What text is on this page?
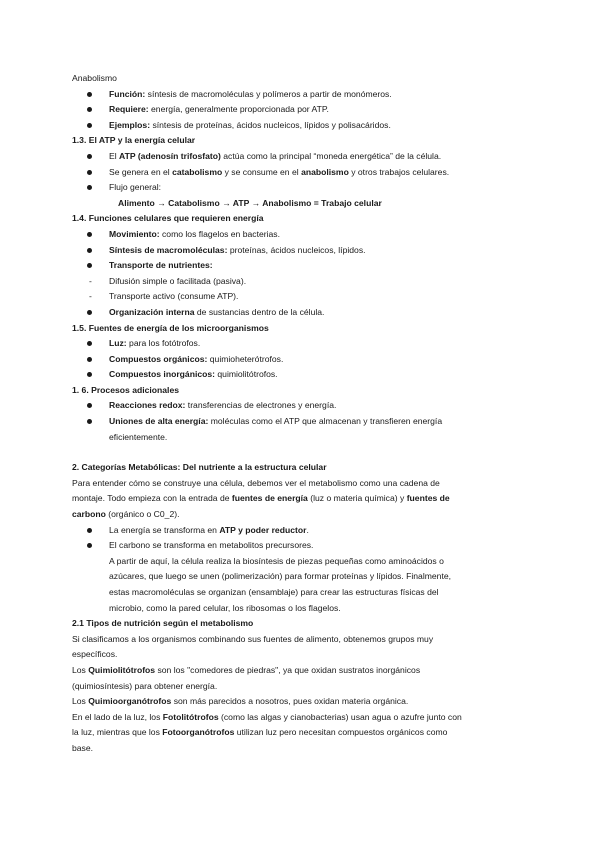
Anabolismo
Función: síntesis de macromoléculas y polímeros a partir de monómeros.
Requiere: energía, generalmente proporcionada por ATP.
Ejemplos: síntesis de proteínas, ácidos nucleicos, lípidos y polisacáridos.
1.3. El ATP y la energía celular
El ATP (adenosín trifosfato) actúa como la principal “moneda energética” de la célula.
Se genera en el catabolismo y se consume en el anabolismo y otros trabajos celulares.
Flujo general:
Alimento → Catabolismo → ATP → Anabolismo = Trabajo celular
1.4. Funciones celulares que requieren energía
Movimiento: como los flagelos en bacterias.
Síntesis de macromoléculas: proteínas, ácidos nucleicos, lípidos.
Transporte de nutrientes:
- Difusión simple o facilitada (pasiva).
- Transporte activo (consume ATP).
Organización interna de sustancias dentro de la célula.
1.5. Fuentes de energía de los microorganismos
Luz: para los fotótrofos.
Compuestos orgánicos: quimioheterótrofos.
Compuestos inorgánicos: quimiolitótrofos.
1. 6. Procesos adicionales
Reacciones redox: transferencias de electrones y energía.
Uniones de alta energía: moléculas como el ATP que almacenan y transfieren energía
eficientemente.
2. Categorías Metabólicas: Del nutriente a la estructura celular
Para entender cómo se construye una célula, debemos ver el metabolismo como una cadena de
montaje. Todo empieza con la entrada de fuentes de energía (luz o materia química) y fuentes de
carbono (orgánico o C0_2).
La energía se transforma en ATP y poder reductor.
El carbono se transforma en metabolitos precursores.
A partir de aquí, la célula realiza la biosíntesis de piezas pequeñas como aminoácidos o
azúcares, que luego se unen (polimerización) para formar proteínas y lípidos. Finalmente,
estas macromoléculas se organizan (ensamblaje) para crear las estructuras físicas del
microbio, como la pared celular, los ribosomas o los flagelos.
2.1 Tipos de nutrición según el metabolismo
Si clasificamos a los organismos combinando sus fuentes de alimento, obtenemos grupos muy
específicos.
Los Quimiolitótrofos son los "comedores de piedras", ya que oxidan sustratos inorgánicos
(quimiosíntesis) para obtener energía.
Los Quimioorganótrofos son más parecidos a nosotros, pues oxidan materia orgánica.
En el lado de la luz, los Fotolitótrofos (como las algas y cianobacterias) usan agua o azufre junto con
la luz, mientras que los Fotoorganótrofos utilizan luz pero necesitan compuestos orgánicos como
base.
